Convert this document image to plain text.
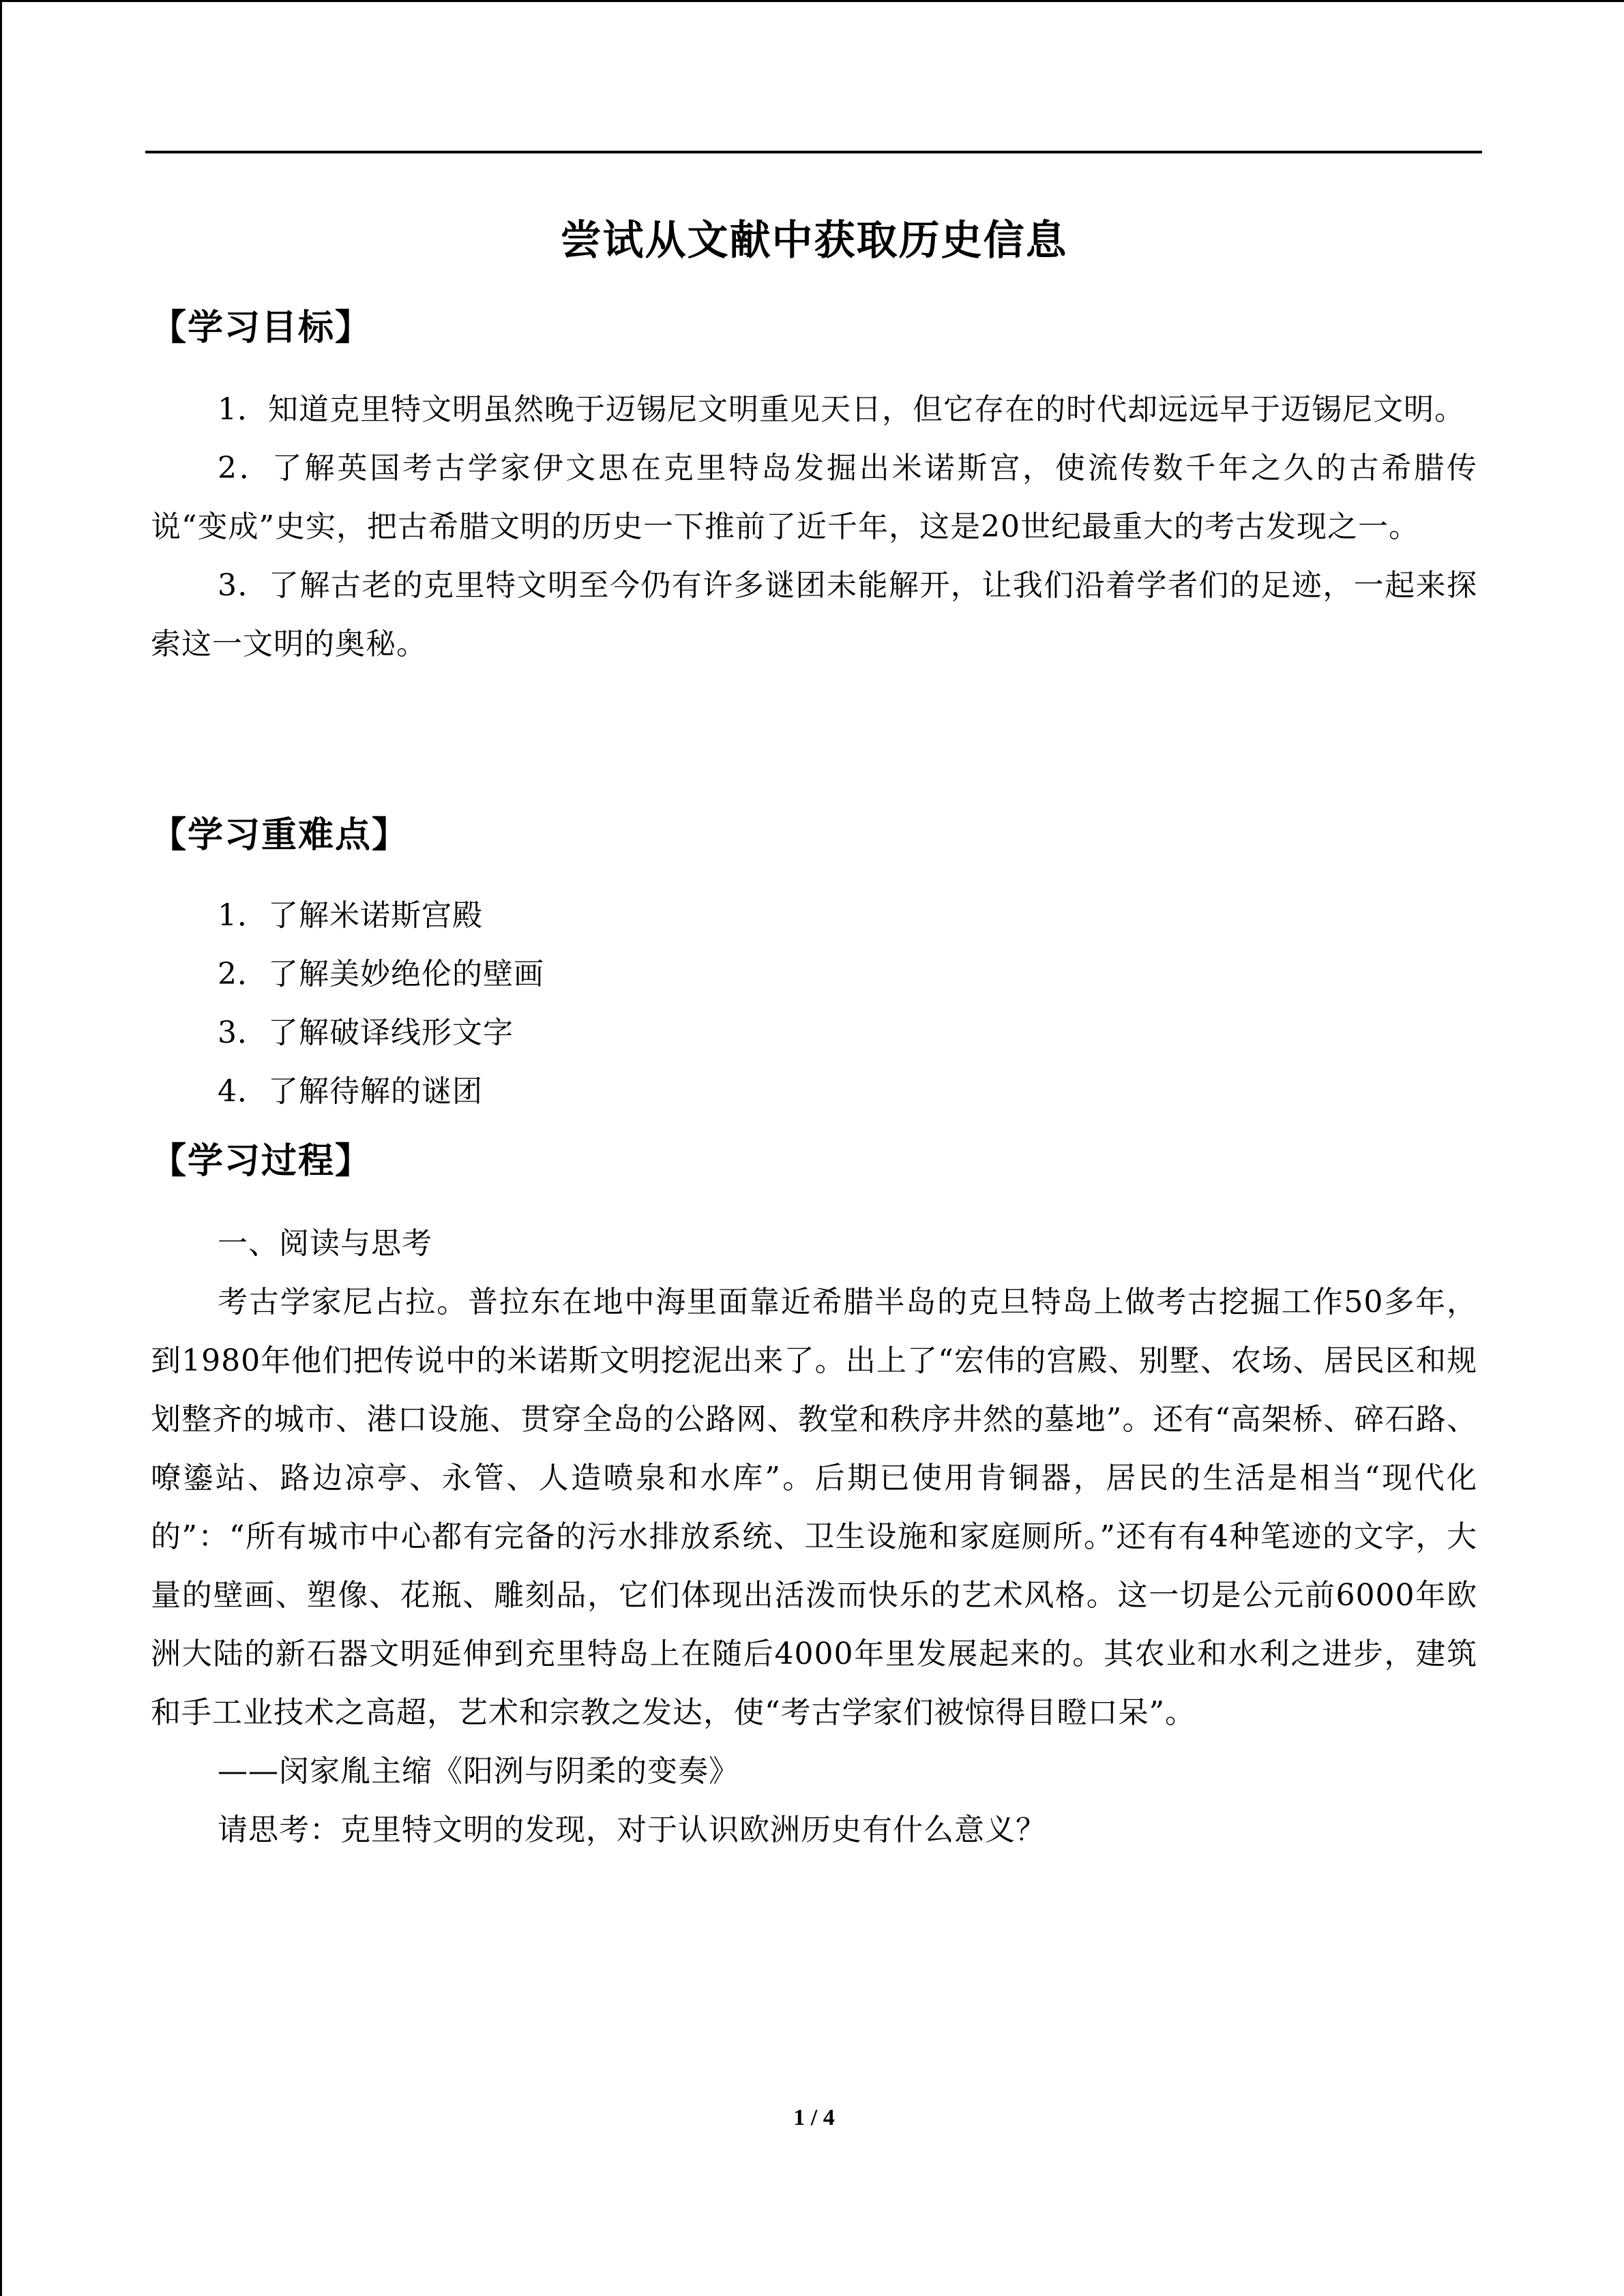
尝试从文献中获取历史信息
【学习目标】

1．知道克里特文明虽然晚于迈锡尼文明重见天日，但它存在的时代却远远早于迈锡尼文明。

2．了解英国考古学家伊文思在克里特岛发掘出米诺斯宫，使流传数千年之久的古希腊传说“变成”史实，把古希腊文明的历史一下推前了近千年，这是20世纪最重大的考古发现之一。

3．了解古老的克里特文明至今仍有许多谜团未能解开，让我们沿着学者们的足迹，一起来探索这一文明的奥秘。

【学习重难点】

1．了解米诺斯宫殿

2．了解美妙绝伦的壁画

3．了解破译线形文字

4．了解待解的谜团

【学习过程】

一、阅读与思考

考古学家尼占拉。普拉东在地中海里面靠近希腊半岛的克旦特岛上做考古挖掘工作50多年，到1980年他们把传说中的米诺斯文明挖泥出来了。出上了“宏伟的宫殿、别墅、农场、居民区和规划整齐的城市、港口设施、贯穿全岛的公路网、教堂和秩序井然的墓地”。还有“高架桥、碎石路、嘹鎏站、路边凉亭、永管、人造喷泉和水库”。后期已使用肯铜器，居民的生活是相当“现代化的”：“所有城市中心都有完备的污水排放系统、卫生设施和家庭厕所。”还有有4种笔迹的文字，大量的壁画、塑像、花瓶、雕刻品，它们体现出活泼而快乐的艺术风格。这一切是公元前6000年欧洲大陆的新石器文明延伸到充里特岛上在随后4000年里发展起来的。其农业和水利之进步，建筑和手工业技术之高超，艺术和宗教之发达，使“考古学家们被惊得目瞪口呆”。

——闵家胤主缩《阳洌与阴柔的变奏》

请思考：克里特文明的发现，对于认识欧洲历史有什么意义？

1 / 4
